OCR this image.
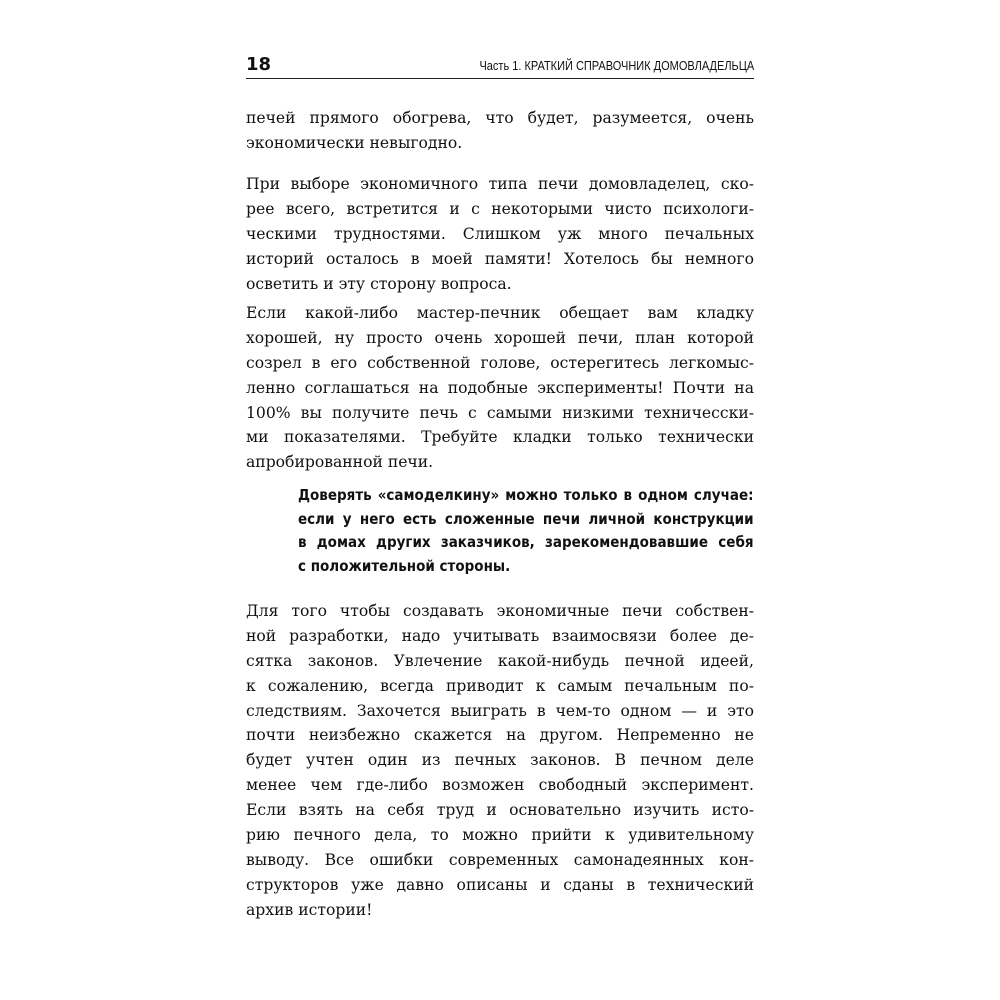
18	Часть 1. КРАТКИЙ СПРАВОЧНИК ДОМОВЛАДЕЛЬЦА

печей прямого обогрева, что будет, разумеется, очень
экономически невыгодно.

При выборе экономичного типа печи домовладелец, ско-
рее всего, встретится и с некоторыми чисто психологи-
ческими трудностями. Слишком уж много печальных
историй осталось в моей памяти! Хотелось бы немного
осветить и эту сторону вопроса.

Если какой-либо мастер-печник обещает вам кладку
хорошей, ну просто очень хорошей печи, план которой
созрел в его собственной голове, остерегитесь легкомыс-
ленно соглашаться на подобные эксперименты! Почти на
100% вы получите печь с самыми низкими техничесски-
ми показателями. Требуйте кладки только технически
апробированной печи.

Доверять «самоделкину» можно только в одном случае:
если у него есть сложенные печи личной конструкции
в домах других заказчиков, зарекомендовавшие себя
с положительной стороны.

Для того чтобы создавать экономичные печи собствен-
ной разработки, надо учитывать взаимосвязи более де-
сятка законов. Увлечение какой-нибудь печной идеей,
к сожалению, всегда приводит к самым печальным по-
следствиям. Захочется выиграть в чем-то одном — и это
почти неизбежно скажется на другом. Непременно не
будет учтен один из печных законов. В печном деле
менее чем где-либо возможен свободный эксперимент.
Если взять на себя труд и основательно изучить исто-
рию печного дела, то можно прийти к удивительному
выводу. Все ошибки современных самонадеянных кон-
структоров уже давно описаны и сданы в технический
архив истории!
